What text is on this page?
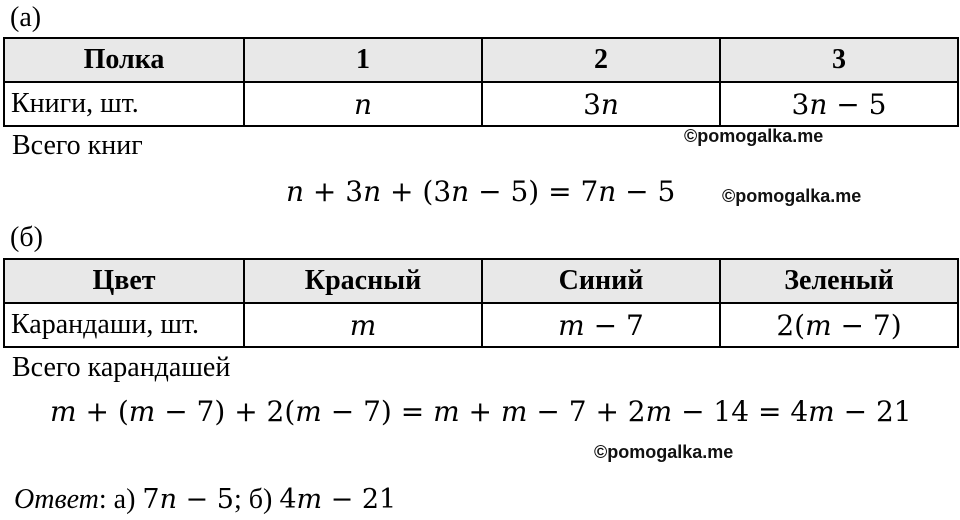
(а)
Полка	1	2	3
Книги, шт.	𝑛	3𝑛	3𝑛 − 5
Всего книг	©pomogalka.me
𝑛 + 3𝑛 + (3𝑛 − 5) = 7𝑛 − 5	©pomogalka.me
(б)
Цвет	Красный	Синий	Зеленый
Карандаши, шт.	𝑚	𝑚 − 7	2(𝑚 − 7)
Всего карандашей
𝑚 + (𝑚 − 7) + 2(𝑚 − 7) = 𝑚 + 𝑚 − 7 + 2𝑚 − 14 = 4𝑚 − 21
©pomogalka.me
Ответ: а) 7𝑛 − 5; б) 4𝑚 − 21
